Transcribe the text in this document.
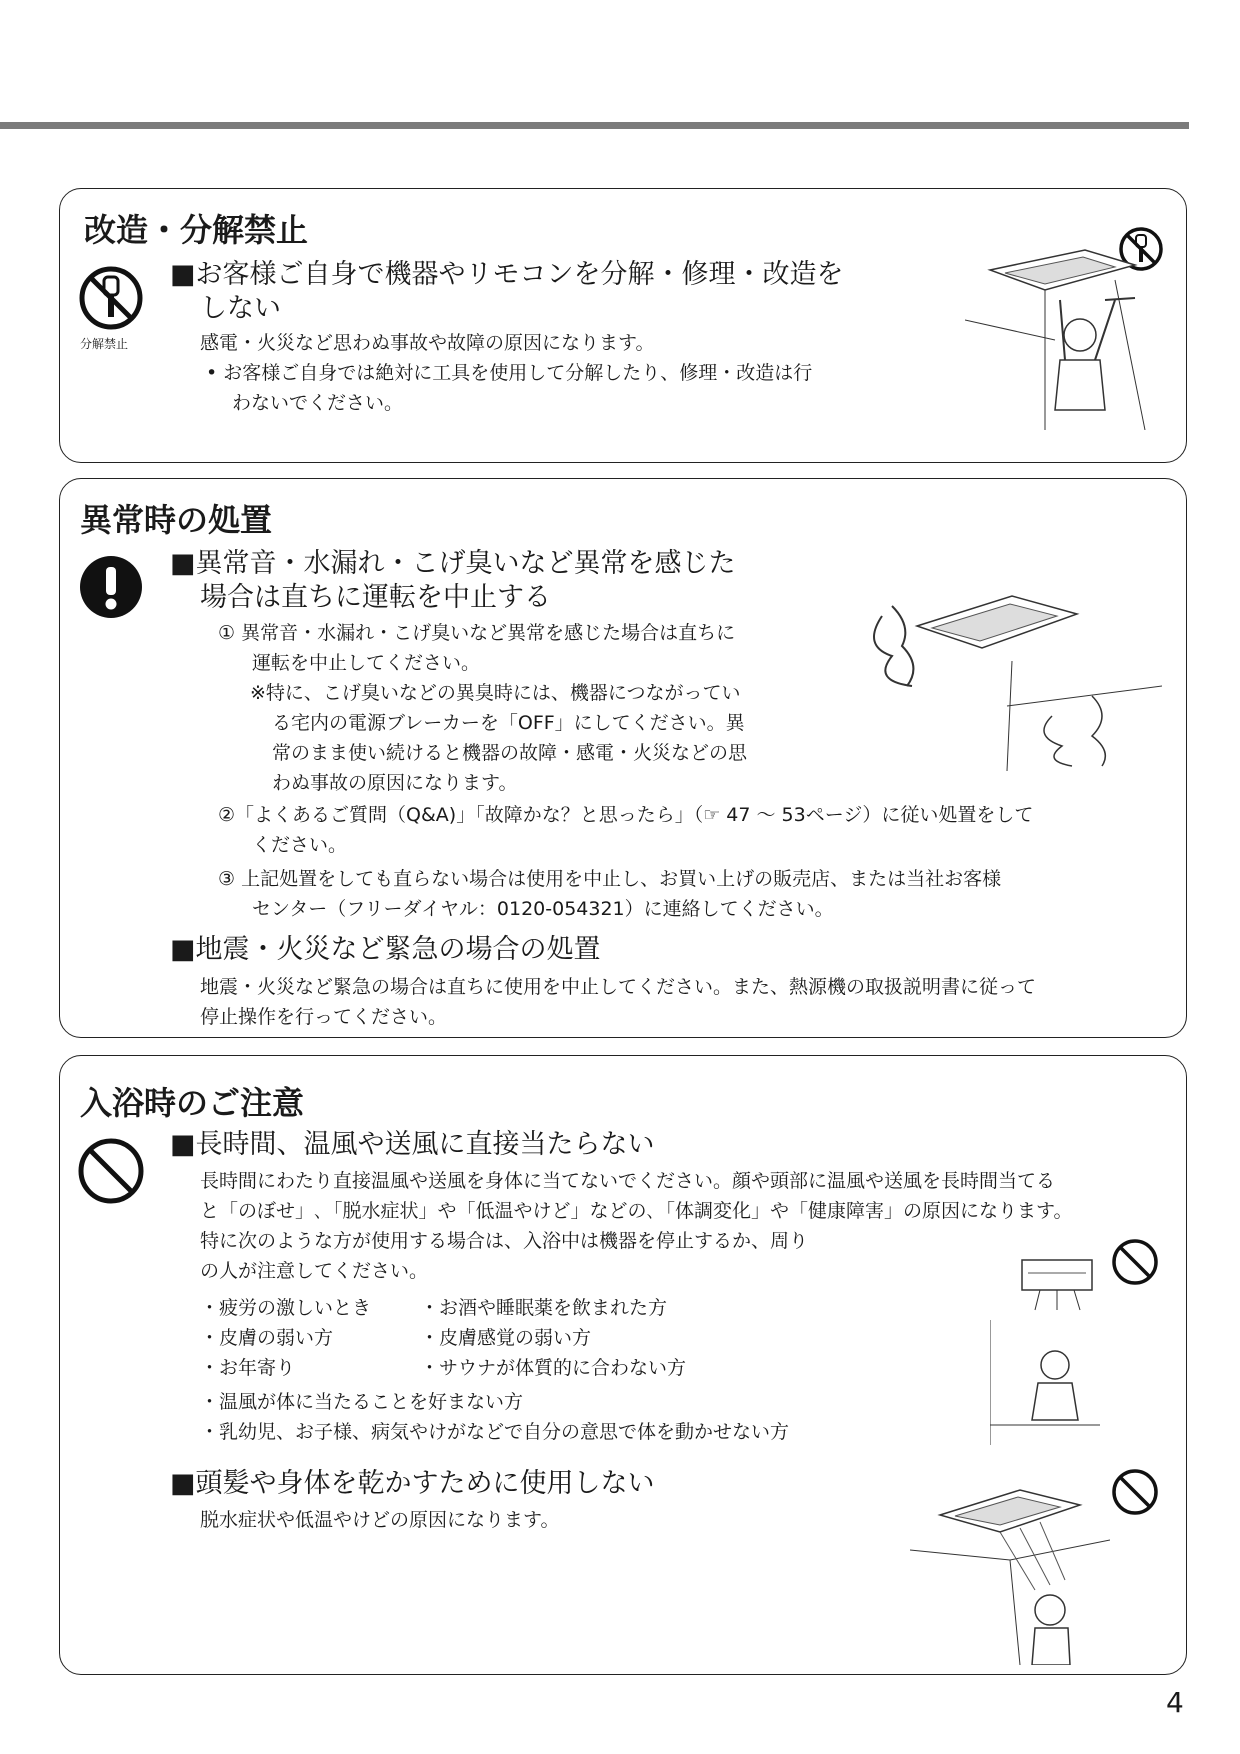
改造・分解禁止
分解禁止
■お客様ご自身で機器やリモコンを分解・修理・改造を
しない
感電・火災など思わぬ事故や故障の原因になります。
• お客様ご自身では絶対に工具を使用して分解したり、修理・改造は行
わないでください。
異常時の処置
■異常音・水漏れ・こげ臭いなど異常を感じた
場合は直ちに運転を中止する
① 異常音・水漏れ・こげ臭いなど異常を感じた場合は直ちに
運転を中止してください。
※特に、こげ臭いなどの異臭時には、機器につながってい
る宅内の電源ブレーカーを「OFF」にしてください。異
常のまま使い続けると機器の故障・感電・火災などの思
わぬ事故の原因になります。
②「よくあるご質問（Q&A)」「故障かな？と思ったら」（☞ 47 ～ 53ページ）に従い処置をして
ください。
③ 上記処置をしても直らない場合は使用を中止し、お買い上げの販売店、または当社お客様
センター（フリーダイヤル：0120-054321）に連絡してください。
■地震・火災など緊急の場合の処置
地震・火災など緊急の場合は直ちに使用を中止してください。また、熱源機の取扱説明書に従って
停止操作を行ってください。
入浴時のご注意
■長時間、温風や送風に直接当たらない
長時間にわたり直接温風や送風を身体に当てないでください。顔や頭部に温風や送風を長時間当てる
と「のぼせ」､「脱水症状」や「低温やけど」などの､「体調変化」や「健康障害」の原因になります。
特に次のような方が使用する場合は、入浴中は機器を停止するか、周り
の人が注意してください。
・疲労の激しいとき	・お酒や睡眠薬を飲まれた方
・皮膚の弱い方	・皮膚感覚の弱い方
・お年寄り	・サウナが体質的に合わない方
・温風が体に当たることを好まない方
・乳幼児、お子様、病気やけがなどで自分の意思で体を動かせない方
■頭髪や身体を乾かすために使用しない
脱水症状や低温やけどの原因になります。
4
